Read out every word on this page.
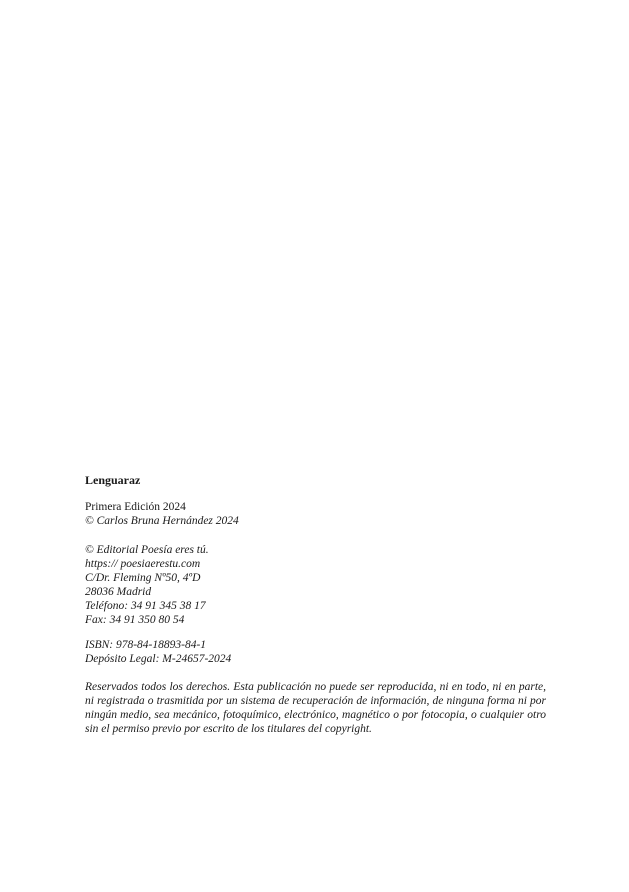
Lenguaraz
Primera Edición 2024
© Carlos Bruna Hernández 2024
© Editorial Poesía eres tú.
https:// poesiaerestu.com
C/Dr. Fleming Nº50, 4ºD
28036 Madrid
Teléfono: 34 91 345 38 17
Fax: 34 91 350 80 54
ISBN: 978-84-18893-84-1
Depósito Legal: M-24657-2024
Reservados todos los derechos. Esta publicación no puede ser reproducida, ni en todo, ni en parte, ni registrada o trasmitida por un sistema de recuperación de información, de ninguna forma ni por ningún medio, sea mecánico, fotoquímico, electrónico, magnético o por fotocopia, o cualquier otro sin el permiso previo por escrito de los titulares del copyright.
